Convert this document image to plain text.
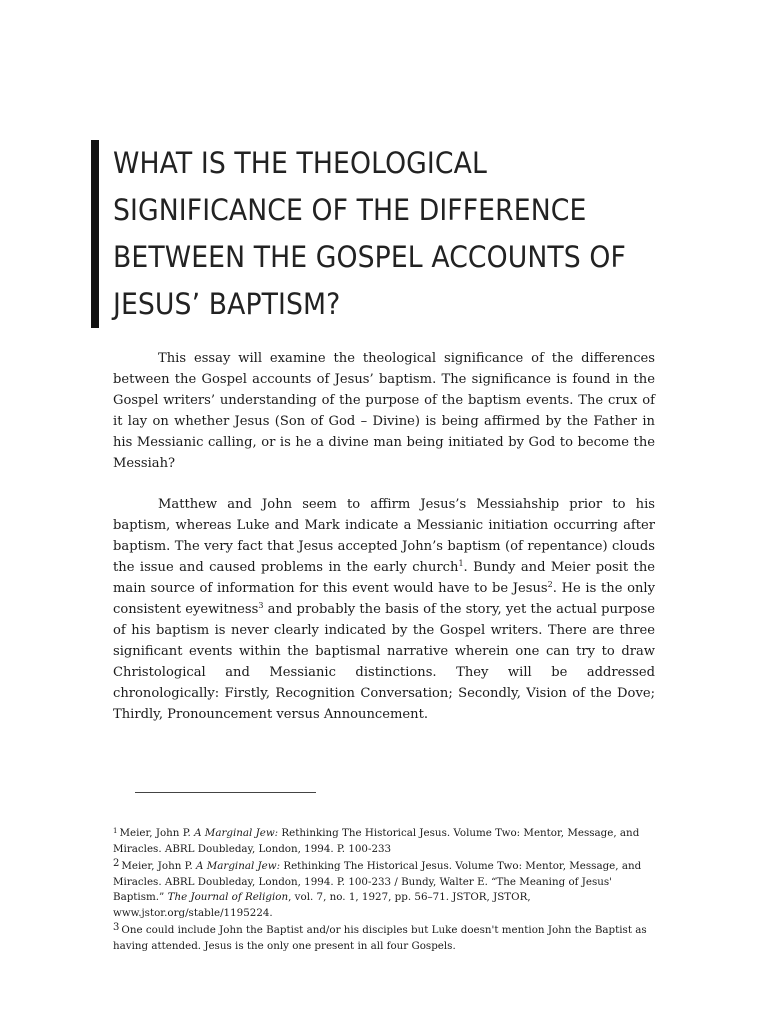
WHAT IS THE THEOLOGICAL SIGNIFICANCE OF THE DIFFERENCE BETWEEN THE GOSPEL ACCOUNTS OF JESUS’ BAPTISM?

This essay will examine the theological significance of the differences between the Gospel accounts of Jesus’ baptism. The significance is found in the Gospel writers’ understanding of the purpose of the baptism events. The crux of it lay on whether Jesus (Son of God – Divine) is being affirmed by the Father in his Messianic calling, or is he a divine man being initiated by God to become the Messiah?

Matthew and John seem to affirm Jesus’s Messiahship prior to his baptism, whereas Luke and Mark indicate a Messianic initiation occurring after baptism. The very fact that Jesus accepted John’s baptism (of repentance) clouds the issue and caused problems in the early church$^1$. Bundy and Meier posit the main source of information for this event would have to be Jesus$^2$. He is the only consistent eyewitness$^3$ and probably the basis of the story, yet the actual purpose of his baptism is never clearly indicated by the Gospel writers. There are three significant events within the baptismal narrative wherein one can try to draw Christological and Messianic distinctions. They will be addressed chronologically: Firstly, Recognition Conversation; Secondly, Vision of the Dove; Thirdly, Pronouncement versus Announcement.

$^1$ Meier, John P. A Marginal Jew: Rethinking The Historical Jesus. Volume Two: Mentor, Message, and Miracles. ABRL Doubleday, London, 1994. P. 100-233
2 Meier, John P. A Marginal Jew: Rethinking The Historical Jesus. Volume Two: Mentor, Message, and Miracles. ABRL Doubleday, London, 1994. P. 100-233 / Bundy, Walter E. “The Meaning of Jesus' Baptism.” The Journal of Religion, vol. 7, no. 1, 1927, pp. 56–71. JSTOR, JSTOR, www.jstor.org/stable/1195224.
3 One could include John the Baptist and/or his disciples but Luke doesn't mention John the Baptist as having attended. Jesus is the only one present in all four Gospels.
